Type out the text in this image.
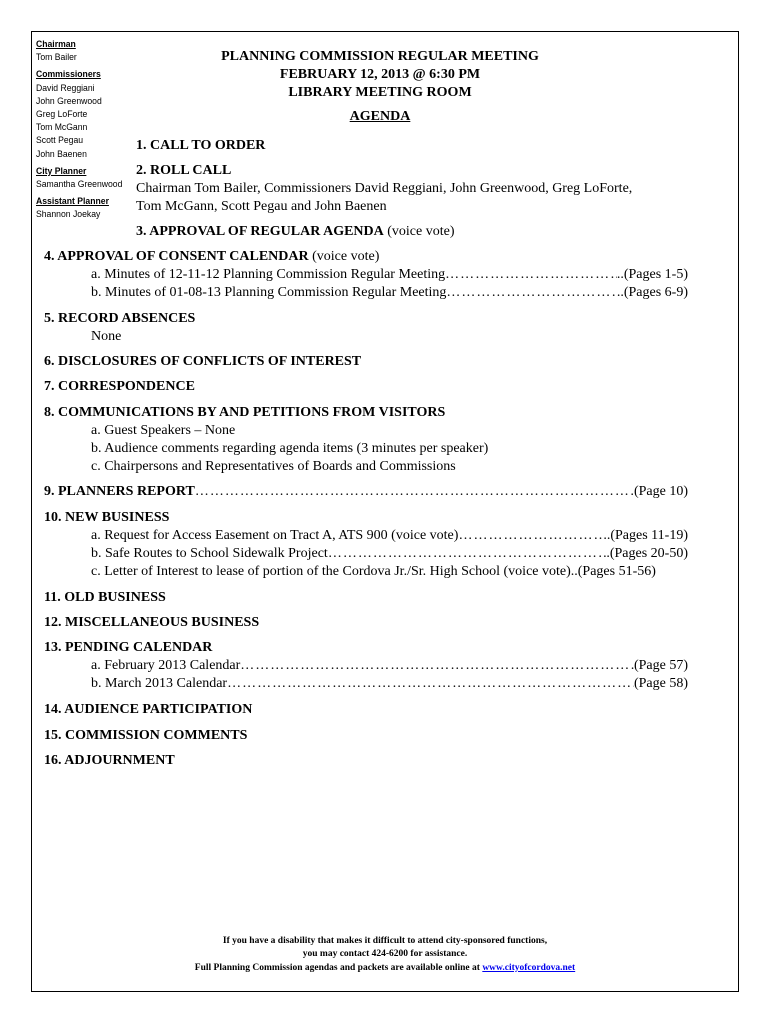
Chairman
Tom Bailer
Commissioners
David Reggiani
John Greenwood
Greg LoForte
Tom McGann
Scott Pegau
John Baenen
City Planner
Samantha Greenwood
Assistant Planner
Shannon Joekay
PLANNING COMMISSION REGULAR MEETING
FEBRUARY 12, 2013 @ 6:30 PM
LIBRARY MEETING ROOM
AGENDA
1. CALL TO ORDER
2. ROLL CALL
Chairman Tom Bailer, Commissioners David Reggiani, John Greenwood, Greg LoForte,
Tom McGann, Scott Pegau and John Baenen
3. APPROVAL OF REGULAR AGENDA (voice vote)
4. APPROVAL OF CONSENT CALENDAR (voice vote)
a. Minutes of 12-11-12 Planning Commission Regular Meeting …………………………………………………………………………………………………………………………………………………………	..(Pages 1-5)
b. Minutes of 01-08-13 Planning Commission Regular Meeting …………………………………………………………………………………………………………………………………………………………	..(Pages 6-9)
5. RECORD ABSENCES
None
6. DISCLOSURES OF CONFLICTS OF INTEREST
7. CORRESPONDENCE
8. COMMUNICATIONS BY AND PETITIONS FROM VISITORS
a. Guest Speakers – None
b. Audience comments regarding agenda items (3 minutes per speaker)
c. Chairpersons and Representatives of Boards and Commissions
9. PLANNERS REPORT …………………………………………………………………………………………………………………………………………………………	(Page 10)
10. NEW BUSINESS
a. Request for Access Easement on Tract A, ATS 900 (voice vote) …………………………………………………………………………………………………………………………………………………………	..(Pages 11-19)
b. Safe Routes to School Sidewalk Project …………………………………………………………………………………………………………………………………………………………	.(Pages 20-50)
c. Letter of Interest to lease of portion of the Cordova Jr./Sr. High School (voice vote)..(Pages 51-56)
11. OLD BUSINESS
12. MISCELLANEOUS BUSINESS
13. PENDING CALENDAR
a. February 2013 Calendar …………………………………………………………………………………………………………………………………………………………	(Page 57)
b. March 2013 Calendar …………………………………………………………………………………………………………………………………………………………	(Page 58)
14. AUDIENCE PARTICIPATION
15. COMMISSION COMMENTS
16. ADJOURNMENT
If you have a disability that makes it difficult to attend city-sponsored functions,
you may contact 424-6200 for assistance.
Full Planning Commission agendas and packets are available online at www.cityofcordova.net
